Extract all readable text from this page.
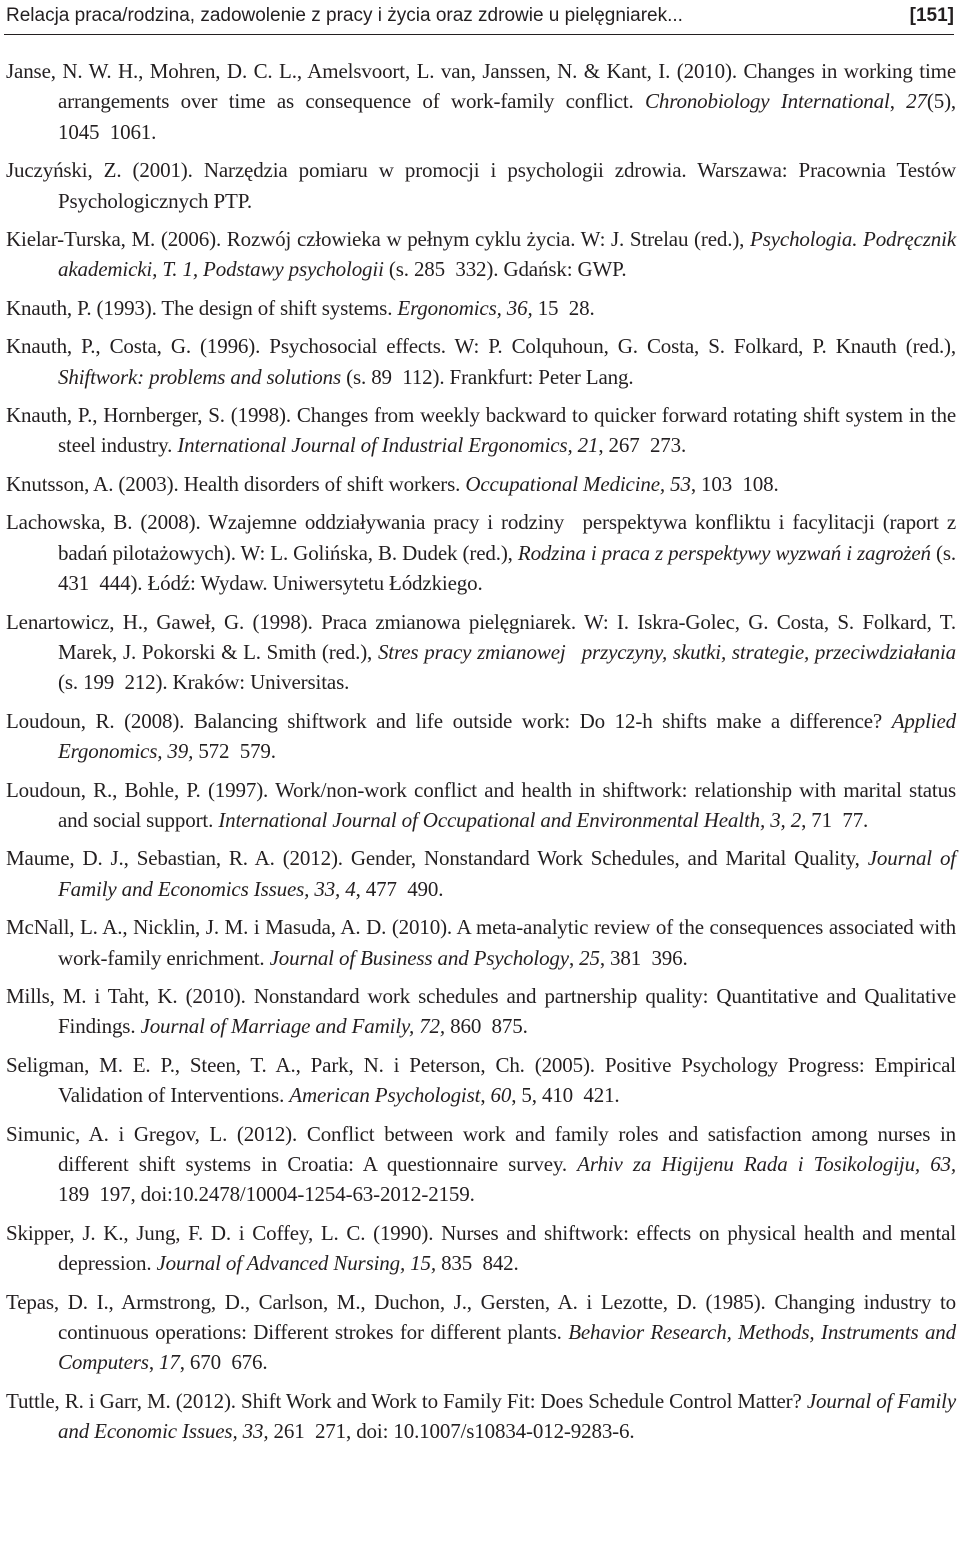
Relacja praca/rodzina, zadowolenie z pracy i życia oraz zdrowie u pielęgniarek...	[151]

Janse, N. W. H., Mohren, D. C. L., Amelsvoort, L. van, Janssen, N. & Kant, I. (2010). Changes in working time arrangements over time as consequence of work-family conflict. Chronobiology International, 27(5), 1045 1061.

Juczyński, Z. (2001). Narzędzia pomiaru w promocji i psychologii zdrowia. Warszawa: Pracownia Testów Psychologicznych PTP.

Kielar-Turska, M. (2006). Rozwój człowieka w pełnym cyklu życia. W: J. Strelau (red.), Psychologia. Podręcznik akademicki, T. 1, Podstawy psychologii (s. 285 332). Gdańsk: GWP.

Knauth, P. (1993). The design of shift systems. Ergonomics, 36, 15 28.

Knauth, P., Costa, G. (1996). Psychosocial effects. W: P. Colquhoun, G. Costa, S. Folkard, P. Knauth (red.), Shiftwork: problems and solutions (s. 89 112). Frankfurt: Peter Lang.

Knauth, P., Hornberger, S. (1998). Changes from weekly backward to quicker forward rotating shift system in the steel industry. International Journal of Industrial Ergonomics, 21, 267 273.

Knutsson, A. (2003). Health disorders of shift workers. Occupational Medicine, 53, 103 108.

Lachowska, B. (2008). Wzajemne oddziaływania pracy i rodziny  perspektywa konfliktu i facylitacji (raport z badań pilotażowych). W: L. Golińska, B. Dudek (red.), Rodzina i praca z perspektywy wyzwań i zagrożeń (s. 431 444). Łódź: Wydaw. Uniwersytetu Łódzkiego.

Lenartowicz, H., Gaweł, G. (1998). Praca zmianowa pielęgniarek. W: I. Iskra-Golec, G. Costa, S. Folkard, T. Marek, J. Pokorski & L. Smith (red.), Stres pracy zmianowej  przyczyny, skutki, strategie, przeciwdziałania (s. 199 212). Kraków: Universitas.

Loudoun, R. (2008). Balancing shiftwork and life outside work: Do 12-h shifts make a difference? Applied Ergonomics, 39, 572 579.

Loudoun, R., Bohle, P. (1997). Work/non-work conflict and health in shiftwork: relationship with marital status and social support. International Journal of Occupational and Environmental Health, 3, 2, 71 77.

Maume, D. J., Sebastian, R. A. (2012). Gender, Nonstandard Work Schedules, and Marital Quality, Journal of Family and Economics Issues, 33, 4, 477 490.

McNall, L. A., Nicklin, J. M. i Masuda, A. D. (2010). A meta-analytic review of the consequences associated with work-family enrichment. Journal of Business and Psychology, 25, 381 396.

Mills, M. i Taht, K. (2010). Nonstandard work schedules and partnership quality: Quantitative and Qualitative Findings. Journal of Marriage and Family, 72, 860 875.

Seligman, M. E. P., Steen, T. A., Park, N. i Peterson, Ch. (2005). Positive Psychology Progress: Empirical Validation of Interventions. American Psychologist, 60, 5, 410 421.

Simunic, A. i Gregov, L. (2012). Conflict between work and family roles and satisfaction among nurses in different shift systems in Croatia: A questionnaire survey. Arhiv za Higijenu Rada i Tosikologiju, 63, 189 197, doi:10.2478/10004-1254-63-2012-2159.

Skipper, J. K., Jung, F. D. i Coffey, L. C. (1990). Nurses and shiftwork: effects on physical health and mental depression. Journal of Advanced Nursing, 15, 835 842.

Tepas, D. I., Armstrong, D., Carlson, M., Duchon, J., Gersten, A. i Lezotte, D. (1985). Changing industry to continuous operations: Different strokes for different plants. Behavior Research, Methods, Instruments and Computers, 17, 670 676.

Tuttle, R. i Garr, M. (2012). Shift Work and Work to Family Fit: Does Schedule Control Matter? Journal of Family and Economic Issues, 33, 261 271, doi: 10.1007/s10834-012-9283-6.
